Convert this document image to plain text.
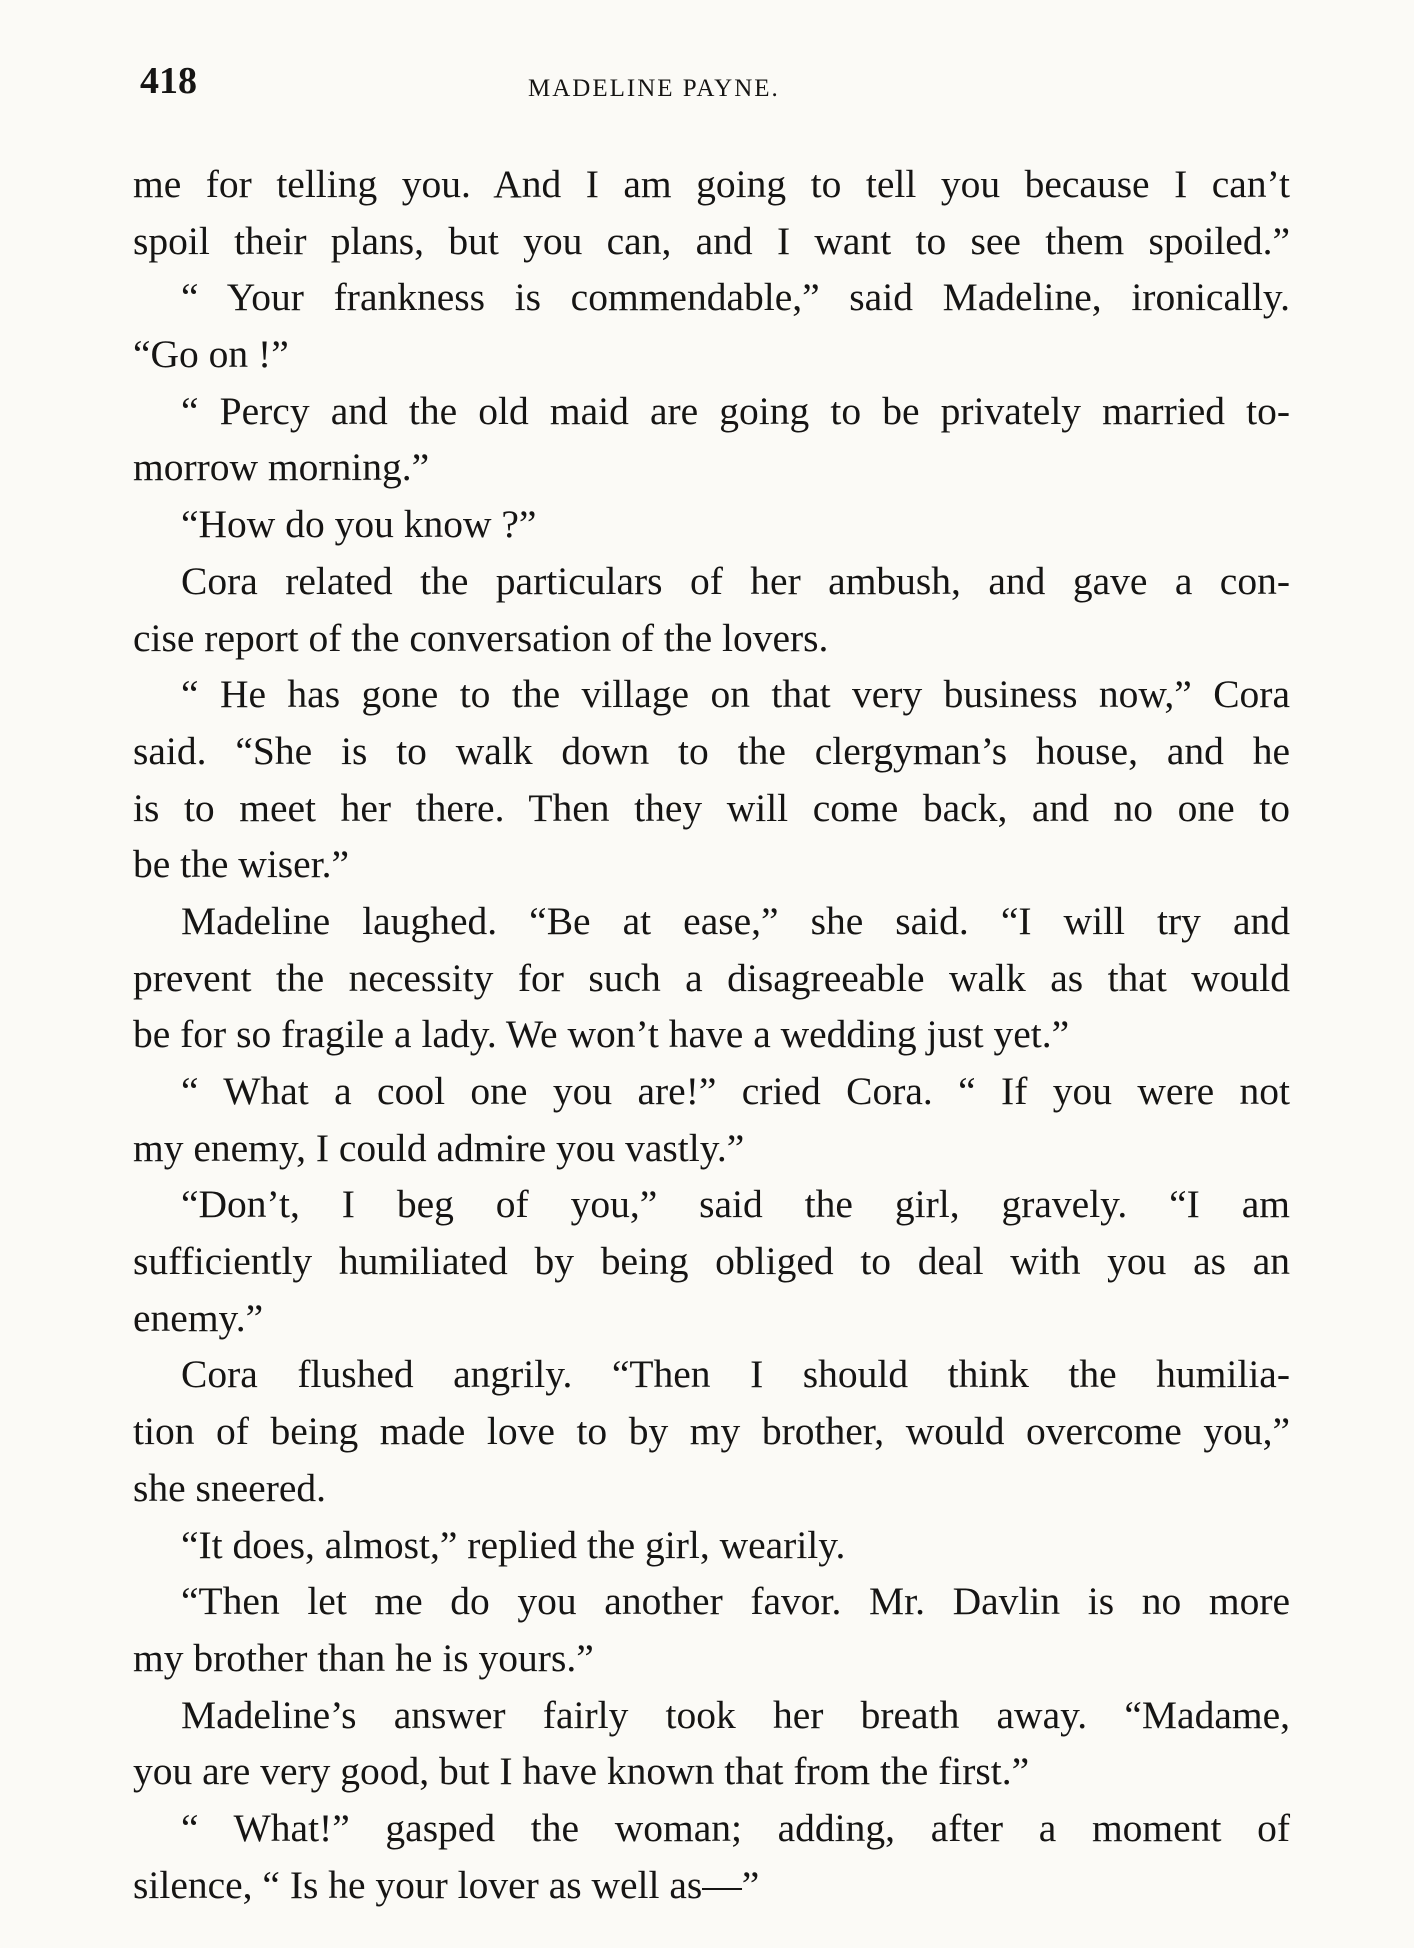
418	MADELINE PAYNE.
me for telling you. And I am going to tell you because I can’t
spoil their plans, but you can, and I want to see them spoiled.”
“ Your frankness is commendable,” said Madeline, ironically.
“Go on !”
“ Percy and the old maid are going to be privately married to-
morrow morning.”
“How do you know ?”
Cora related the particulars of her ambush, and gave a con-
cise report of the conversation of the lovers.
“ He has gone to the village on that very business now,” Cora
said. “She is to walk down to the clergyman’s house, and he
is to meet her there. Then they will come back, and no one to
be the wiser.”
Madeline laughed. “Be at ease,” she said. “I will try and
prevent the necessity for such a disagreeable walk as that would
be for so fragile a lady. We won’t have a wedding just yet.”
“ What a cool one you are!” cried Cora. “ If you were not
my enemy, I could admire you vastly.”
“Don’t, I beg of you,” said the girl, gravely. “I am
sufficiently humiliated by being obliged to deal with you as an
enemy.”
Cora flushed angrily. “Then I should think the humilia-
tion of being made love to by my brother, would overcome you,”
she sneered.
“It does, almost,” replied the girl, wearily.
“Then let me do you another favor. Mr. Davlin is no more
my brother than he is yours.”
Madeline’s answer fairly took her breath away. “Madame,
you are very good, but I have known that from the first.”
“ What!” gasped the woman; adding, after a moment of
silence, “ Is he your lover as well as—”
